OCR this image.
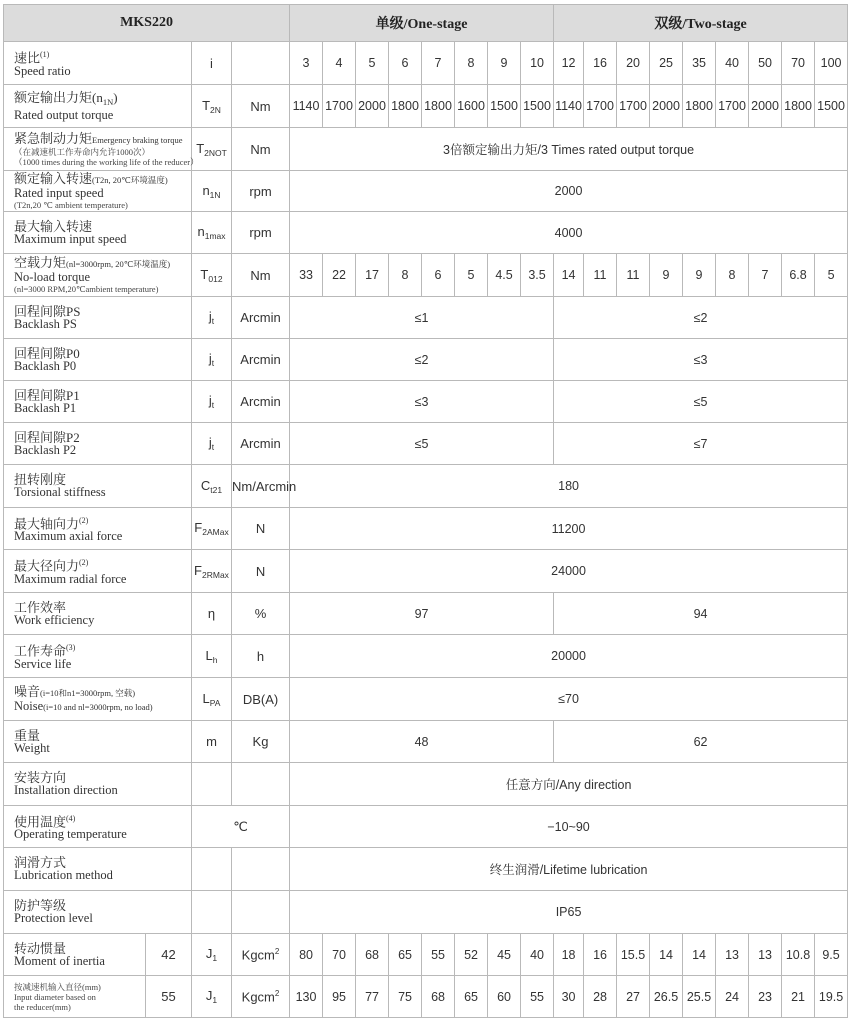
MKS220				单级/One-stage								双级/Two-stage								

速比$^{(1)}$
Speed ratio		i		3	4	5	6	7	8	9	10	12	16	20	25	35	40	50	70	100

额定输出力矩$(n_{1N})$
Rated output torque		$T_{2N}$	Nm	1140	1700	2000	1800	1800	1600	1500	1500	1140	1700	1700	2000	1800	1700	2000	1800	1500

紧急制动力矩Emergency braking torque
（在减速机工作寿命内允许1000次）
（1000 times during the working life of the reducer）		$T_{2NOT}$	Nm	3倍额定输出力矩/3 Times rated output torque																

额定输入转速(T2n, 20℃环境温度)
Rated input speed
(T2n,20 ℃ ambient temperature)		$n_{1N}$	rpm	2000																

最大输入转速
Maximum input speed		$n_{1max}$	rpm	4000																

空载力矩(nl=3000rpm, 20℃环境温度)
No-load torque
(nl=3000 RPM,20℃ambient temperature)		$T_{012}$	Nm	33	22	17	8	6	5	4.5	3.5	14	11	11	9	9	8	7	6.8	5

回程间隙PS
Backlash PS		$j_t$	Arcmin	≤1								≤2								

回程间隙P0
Backlash P0		$j_t$	Arcmin	≤2								≤3								

回程间隙P1
Backlash P1		$j_t$	Arcmin	≤3								≤5								

回程间隙P2
Backlash P2		$j_t$	Arcmin	≤5								≤7								

扭转刚度
Torsional stiffness		$C_{t21}$	Nm/Arcmin	180																

最大轴向力$^{(2)}$
Maximum axial force		$F_{2AMax}$	N	11200																

最大径向力$^{(2)}$
Maximum radial force		$F_{2RMax}$	N	24000																

工作效率
Work efficiency		η	%	97								94								

工作寿命$^{(3)}$
Service life		$L_h$	h	20000																

噪音(i=10和n1=3000rpm, 空载)
Noise(i=10 and nl=3000rpm, no load)		$L_{PA}$	DB(A)	≤70																

重量
Weight		m	Kg	48								62								

安装方向
Installation direction				任意方向/Any direction																

使用温度$^{(4)}$
Operating temperature		℃		−10~90																

润滑方式
Lubrication method				终生润滑/Lifetime lubrication																

防护等级
Protection level				IP65																

转动惯量
Moment of inertia	42	$J_1$	Kgcm$^2$	80	70	68	65	55	52	45	40	18	16	15.5	14	14	13	13	10.8	9.5

按减速机输入直径(mm)
Input diameter based on
the reducer(mm)	55	$J_1$	Kgcm$^2$	130	95	77	75	68	65	60	55	30	28	27	26.5	25.5	24	23	21	19.5
